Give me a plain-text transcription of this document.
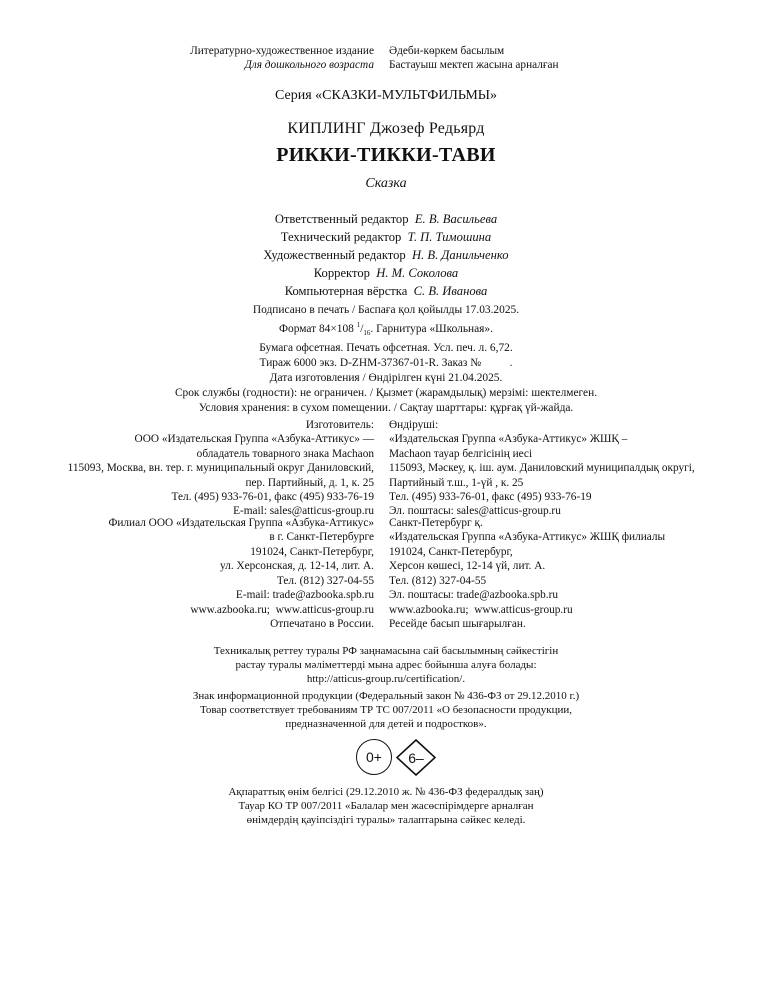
Литературно-художественное издание
Для дошкольного возраста
Әдеби-көркем басылым
Бастауыш мектеп жасына арналған
Серия «СКАЗКИ-МУЛЬТФИЛЬМЫ»
КИПЛИНГ Джозеф Редьярд
РИККИ-ТИККИ-ТАВИ
Сказка
Ответственный редактор Е. В. Васильева
Технический редактор Т. П. Тимошина
Художественный редактор Н. В. Данильченко
Корректор Н. М. Соколова
Компьютерная вёрстка С. В. Иванова
Подписано в печать / Баспаға қол қойылды 17.03.2025.
Формат 84×108 $^1/_{16}$. Гарнитура «Школьная».
Бумага офсетная. Печать офсетная. Усл. печ. л. 6,72.
Тираж 6000 экз. D-ZHM-37367-01-R. Заказ №          .
Дата изготовления / Өндірілген күні 21.04.2025.
Срок службы (годности): не ограничен. / Қызмет (жарамдылық) мерзімі: шектелмеген.
Условия хранения: в сухом помещении. / Сақтау шарттары: құрғақ үй-жайда.
Изготовитель:
ООО «Издательская Группа «Азбука-Аттикус» —
обладатель товарного знака Machaon
115093, Москва, вн. тер. г. муниципальный округ Даниловский,
пер. Партийный, д. 1, к. 25
Тел. (495) 933-76-01, факс (495) 933-76-19
E-mail: sales@atticus-group.ru
Өндіруші:
«Издательская Группа «Азбука-Аттикус» ЖШҚ –
Machaon тауар белгісінің иесі
115093, Мәскеу, қ. іш. аум. Даниловский муниципалдық округі,
Партийный т.ш., 1-үй , к. 25
Тел. (495) 933-76-01, факс (495) 933-76-19
Эл. поштасы: sales@atticus-group.ru
Филиал ООО «Издательская Группа «Азбука-Аттикус»
в г. Санкт-Петербурге
191024, Санкт-Петербург,
ул. Херсонская, д. 12-14, лит. А.
Тел. (812) 327-04-55
E-mail: trade@azbooka.spb.ru
Санкт-Петербург қ.
«Издательская Группа «Азбука-Аттикус» ЖШҚ филиалы
191024, Санкт-Петербург,
Херсон көшесі, 12-14 үй, лит. А.
Тел. (812) 327-04-55
Эл. поштасы: trade@azbooka.spb.ru
www.azbooka.ru;  www.atticus-group.ru
Отпечатано в России.
www.azbooka.ru;  www.atticus-group.ru
Ресейде басып шығарылған.
Техникалық реттеу туралы РФ заңнамасына сай басылымның сәйкестігін
растау туралы мәліметтерді мына адрес бойынша алуға болады:
http://atticus-group.ru/certification/.
Знак информационной продукции (Федеральный закон № 436-ФЗ от 29.12.2010 г.)
Товар соответствует требованиям ТР ТС 007/2011 «О безопасности продукции,
предназначенной для детей и подростков».
0+	6–
Ақпараттық өнім белгісі (29.12.2010 ж. № 436-ФЗ федералдық заң)
Тауар КО ТР 007/2011 «Балалар мен жасөспірімдерге арналған
өнімдердің қауіпсіздігі туралы» талаптарына сәйкес келеді.
